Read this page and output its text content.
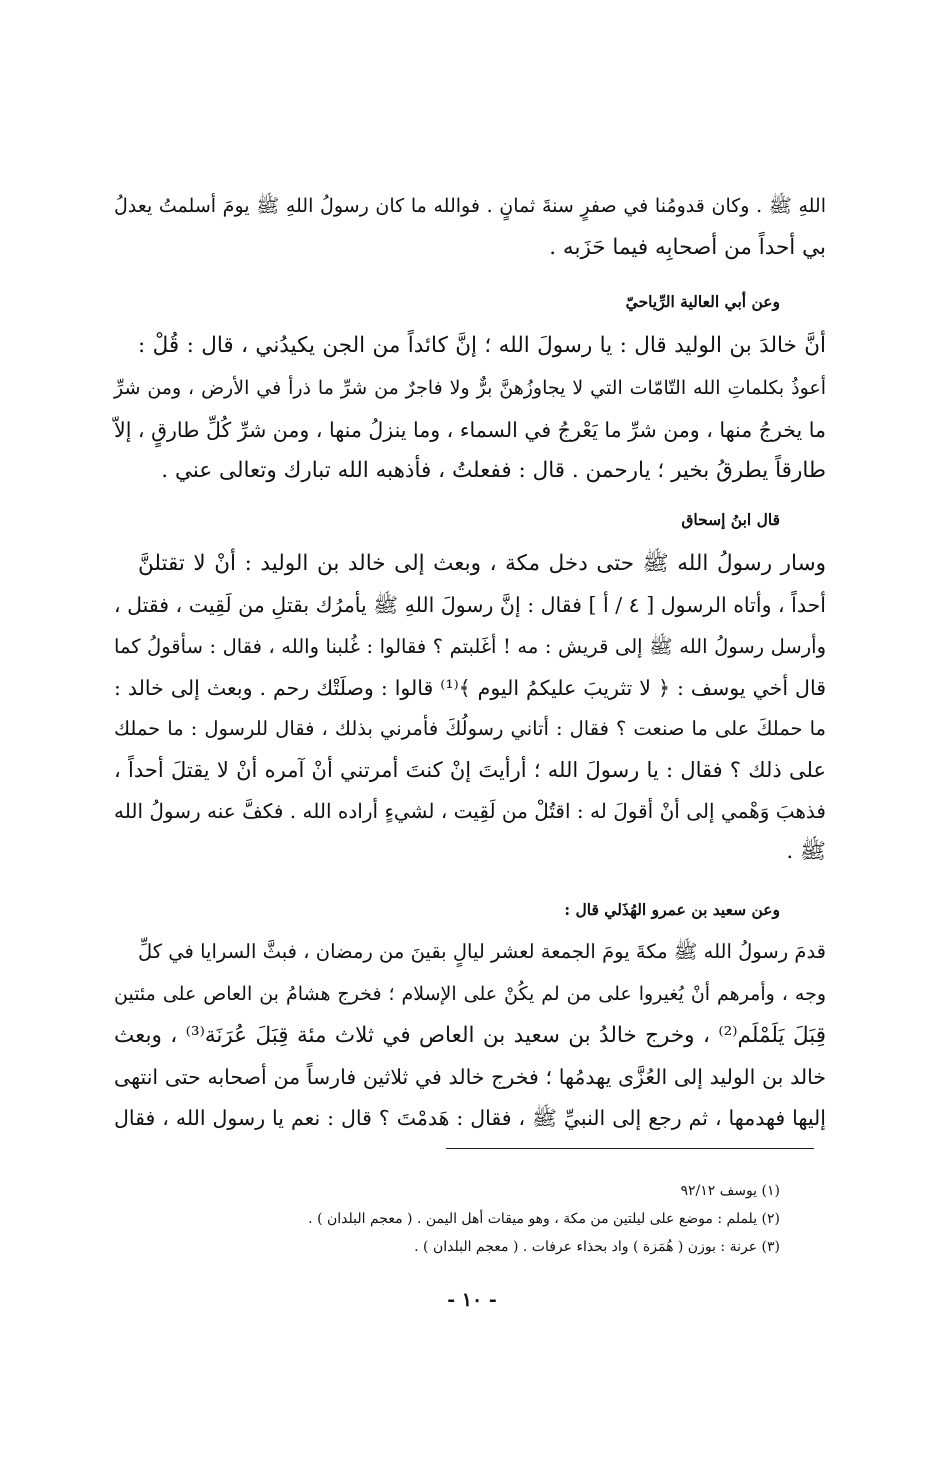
اللهِ ﷺ . وكان قدومُنا في صفرٍ سنةَ ثمانٍ . فوالله ما كان رسولُ اللهِ ﷺ يومَ أسلمتُ يعدلُ
بي أحداً من أصحابِه فيما حَزَبه .
وعن أبي العالية الرِّياحيّ
أنَّ خالدَ بن الوليد قال : يا رسولَ الله ؛ إنَّ كائداً من الجن يكيدُني ، قال : قُلْ :
أعوذُ بكلماتِ الله التّامّات التي لا يجاوزُهنَّ برٌّ ولا فاجرٌ من شرِّ ما ذرأ في الأرض ، ومن شرِّ
ما يخرجُ منها ، ومن شرِّ ما يَعْرجُ في السماء ، وما ينزلُ منها ، ومن شرِّ كُلِّ طارقٍ ، إلاّ
طارقاً يطرقُ بخير ؛ يارحمن . قال : ففعلتُ ، فأذهبه الله تبارك وتعالى عني .
قال ابنُ إسحاق
وسار رسولُ الله ﷺ حتى دخل مكة ، وبعث إلى خالد بن الوليد : أنْ لا تقتلنَّ
أحداً ، وأتاه الرسول [ ٤ / أ ] فقال : إنَّ رسولَ اللهِ ﷺ يأمرُك بقتلِ من لَقِيت ، فقتل ،
وأرسل رسولُ الله ﷺ إلى قريش : مه ! أغَلبتم ؟ فقالوا : غُلبنا والله ، فقال : سأقولُ كما
قال أخي يوسف : ﴿ لا تثريبَ عليكمُ اليوم ﴾⁽¹⁾ قالوا : وصلَتْك رحم . وبعث إلى خالد :
ما حملكَ على ما صنعت ؟ فقال : أتاني رسولُكَ فأمرني بذلك ، فقال للرسول : ما حملك
على ذلك ؟ فقال : يا رسولَ الله ؛ أرأيتَ إنْ كنتَ أمرتني أنْ آمره أنْ لا يقتلَ أحداً ،
فذهبَ وَهْمي إلى أنْ أقولَ له : اقتُلْ من لَقِيت ، لشيءٍ أراده الله . فكفَّ عنه رسولُ الله
ﷺ .
وعن سعيد بن عمرو الهُذَلي قال :
قدمَ رسولُ الله ﷺ مكةَ يومَ الجمعة لعشر ليالٍ بقينَ من رمضان ، فبثَّ السرايا في كلِّ
وجه ، وأمرهم أنْ يُغيروا على من لم يكُنْ على الإسلام ؛ فخرج هشامُ بن العاص على مئتين
قِبَلَ يَلَمْلَم⁽²⁾ ، وخرج خالدُ بن سعيد بن العاص في ثلاث مئة قِبَلَ عُرَنَة⁽³⁾ ، وبعث
خالد بن الوليد إلى العُزَّى يهدمُها ؛ فخرج خالد في ثلاثين فارساً من أصحابه حتى انتهى
إليها فهدمها ، ثم رجع إلى النبيِّ ﷺ ، فقال : هَدمْتَ ؟ قال : نعم يا رسول الله ، فقال
(١) يوسف ٩٢/١٢
(٢) يلملم : موضع على ليلتين من مكة ، وهو ميقات أهل اليمن . ( معجم البلدان ) .
(٣) عرنة : بوزن ( هُمَزة ) واد بحذاء عرفات . ( معجم البلدان ) .
- ١٠ -
